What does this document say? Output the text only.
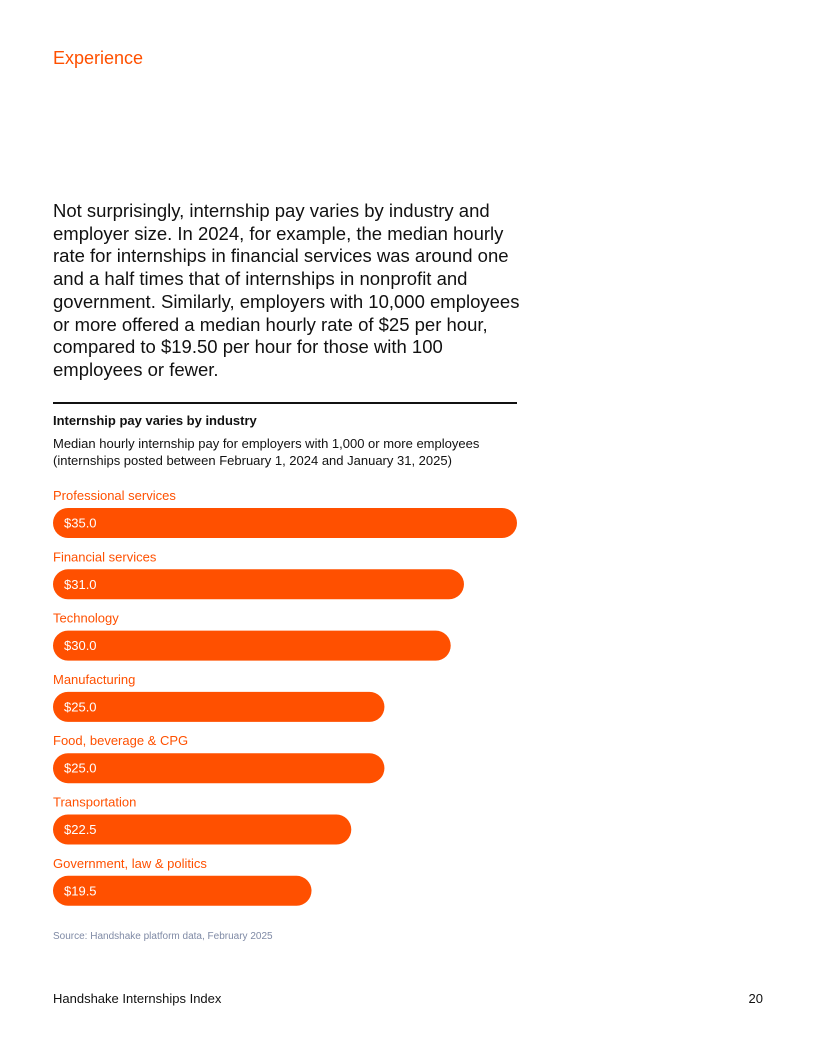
Experience

Not surprisingly, internship pay varies by industry and employer size. In 2024, for example, the median hourly rate for internships in financial services was around one and a half times that of internships in nonprofit and government. Similarly, employers with 10,000 employees or more offered a median hourly rate of $25 per hour, compared to $19.50 per hour for those with 100 employees or fewer.

Internship pay varies by industry
Median hourly internship pay for employers with 1,000 or more employees (internships posted between February 1, 2024 and January 31, 2025)
Professional services
$35.0
Financial services
$31.0
Technology
$30.0
Manufacturing
$25.0
Food, beverage & CPG
$25.0
Transportation
$22.5
Government, law & politics
$19.5

Source: Handshake platform data, February 2025

Handshake Internships Index	20
